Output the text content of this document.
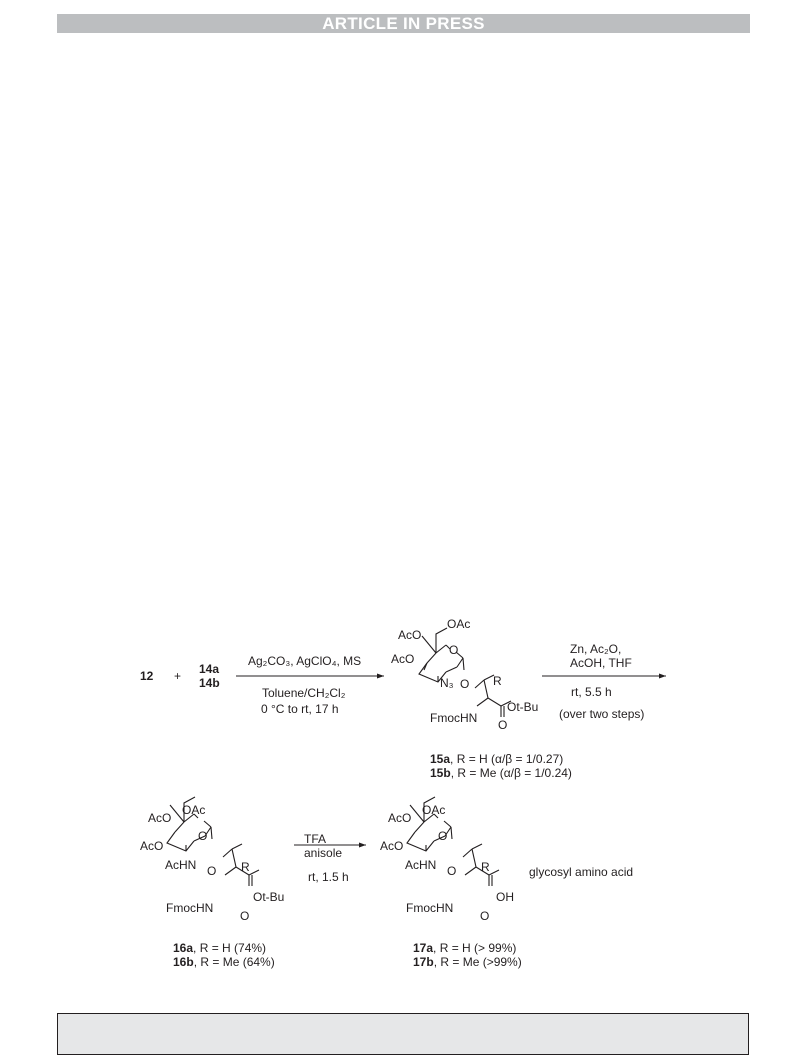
ARTICLE IN PRESS
12 + 14a
14b
Ag₂CO₃, AgClO₄, MS
Toluene/CH₂Cl₂
0 °C to rt, 17 h
Zn, Ac₂O,
AcOH, THF
rt, 5.5 h
(over two steps)
TFA
anisole
rt, 1.5 h
OAc
AcO
O
AcO
N₃ O R
FmocHN
Ot-Bu
O
OAc
AcO
O
AcO
AcHN O R
FmocHN
Ot-Bu
O
OAc
AcO
O
AcO
AcHN O R
FmocHN
OH
O
glycosyl amino acid
15a, R = H (α/β = 1/0.27)
15b, R = Me (α/β = 1/0.24)
16a, R = H (74%)
16b, R = Me (64%)
17a, R = H (> 99%)
17b, R = Me (>99%)
